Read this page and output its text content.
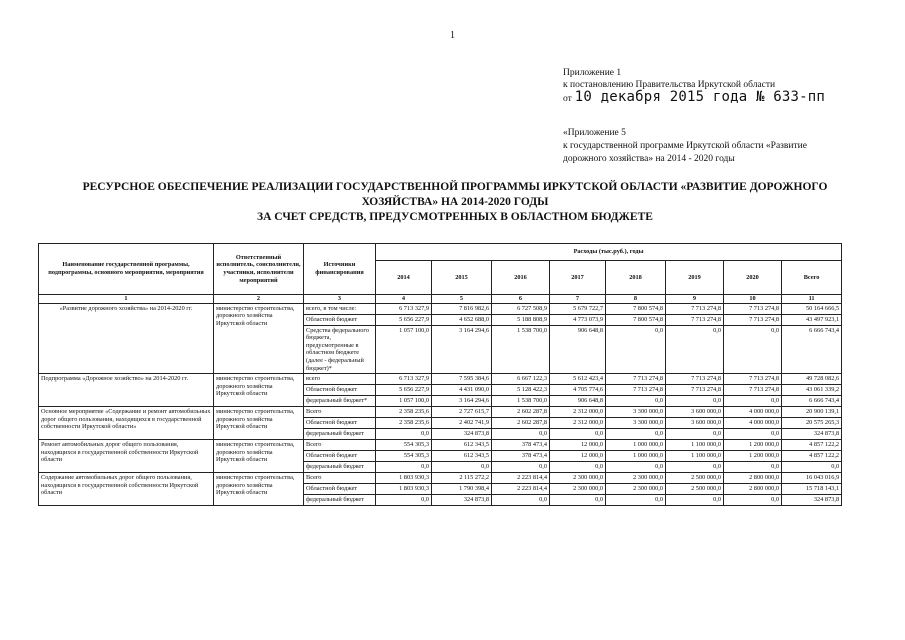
1
Приложение 1
к постановлению Правительства Иркутской области
от 10 декабря 2015 года № 633-пп
«Приложение 5
к государственной программе Иркутской области «Развитие
дорожного хозяйства» на 2014 - 2020 годы
РЕСУРСНОЕ ОБЕСПЕЧЕНИЕ РЕАЛИЗАЦИИ ГОСУДАРСТВЕННОЙ ПРОГРАММЫ ИРКУТСКОЙ ОБЛАСТИ «РАЗВИТИЕ ДОРОЖНОГО
ХОЗЯЙСТВА» НА 2014-2020 ГОДЫ
ЗА СЧЕТ СРЕДСТВ, ПРЕДУСМОТРЕННЫХ В ОБЛАСТНОМ БЮДЖЕТЕ
Наименование государственной программы, подпрограммы, основного мероприятия, мероприятия	Ответственный исполнитель, соисполнители, участники, исполнители мероприятий	Источники финансирования	Расходы (тыс.руб.), годы							
			2014	2015	2016	2017	2018	2019	2020	Всего
1	2	3	4	5	6	7	8	9	10	11
«Развитие дорожного хозяйства» на 2014-2020 гг.	министерство строительства, дорожного хозяйства Иркутской области	всего, в том числе:	6 713 327,9	7 816 982,6	6 727 508,9	5 679 722,7	7 800 574,8	7 713 274,8	7 713 274,8	50 164 666,5
		Областной бюджет	5 656 227,9	4 652 688,0	5 188 808,9	4 773 073,9	7 800 574,8	7 713 274,8	7 713 274,8	43 497 923,1
		Средства федерального бюджета, предусмотренные в областном бюджете (далее - федеральный бюджет)*	1 057 100,0	3 164 294,6	1 538 700,0	906 648,8	0,0	0,0	0,0	6 666 743,4
Подпрограмма «Дорожное хозяйство» на 2014-2020 гг.	министерство строительства, дорожного хозяйства Иркутской области	всего	6 713 327,9	7 595 384,6	6 667 122,3	5 612 423,4	7 713 274,8	7 713 274,8	7 713 274,8	49 728 082,6
		Областной бюджет	5 656 227,9	4 431 090,0	5 128 422,3	4 705 774,6	7 713 274,8	7 713 274,8	7 713 274,8	43 061 339,2
		федеральный бюджет*	1 057 100,0	3 164 294,6	1 538 700,0	906 648,8	0,0	0,0	0,0	6 666 743,4
Основное мероприятие «Содержание и ремонт автомобильных дорог общего пользования, находящихся в государственной собственности Иркутской области»	министерство строительства, дорожного хозяйства Иркутской области	Всего	2 358 235,6	2 727 615,7	2 602 287,8	2 312 000,0	3 300 000,0	3 600 000,0	4 000 000,0	20 900 139,1
		Областной бюджет	2 358 235,6	2 402 741,9	2 602 287,8	2 312 000,0	3 300 000,0	3 600 000,0	4 000 000,0	20 575 265,3
		федеральный бюджет	0,0	324 873,8	0,0	0,0	0,0	0,0	0,0	324 873,8
Ремонт автомобильных дорог общего пользования, находящихся в государственной собственности Иркутской области	министерство строительства, дорожного хозяйства Иркутской области	Всего	554 305,3	612 343,5	378 473,4	12 000,0	1 000 000,0	1 100 000,0	1 200 000,0	4 857 122,2
		Областной бюджет	554 305,3	612 343,5	378 473,4	12 000,0	1 000 000,0	1 100 000,0	1 200 000,0	4 857 122,2
		федеральный бюджет	0,0	0,0	0,0	0,0	0,0	0,0	0,0	0,0
Содержание автомобильных дорог общего пользования, находящихся в государственной собственности Иркутской области	министерство строительства, дорожного хозяйства Иркутской области	Всего	1 803 930,3	2 115 272,2	2 223 814,4	2 300 000,0	2 300 000,0	2 500 000,0	2 800 000,0	16 043 016,9
		Областной бюджет	1 803 930,3	1 790 398,4	2 223 814,4	2 300 000,0	2 300 000,0	2 500 000,0	2 800 000,0	15 718 143,1
		федеральный бюджет	0,0	324 873,8	0,0	0,0	0,0	0,0	0,0	324 873,8
